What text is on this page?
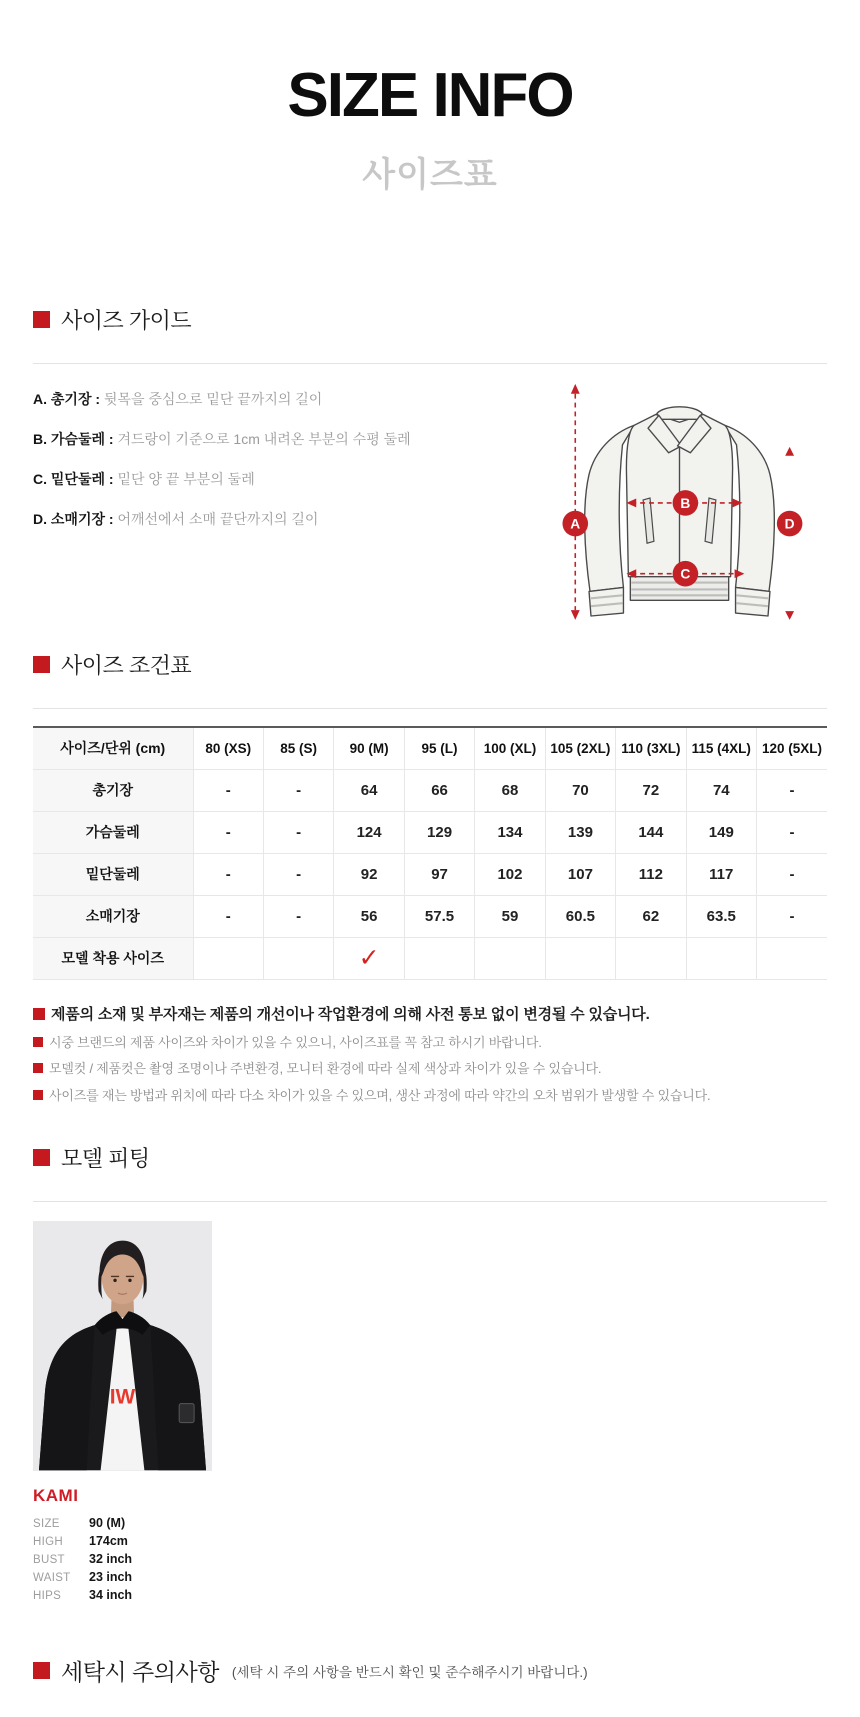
SIZE INFO
사이즈표
사이즈 가이드
A. 총기장 : 뒷목을 중심으로 밑단 끝까지의 길이
B. 가슴둘레 : 겨드랑이 기준으로 1cm 내려온 부분의 수평 둘레
C. 밑단둘레 : 밑단 양 끝 부분의 둘레
D. 소매기장 : 어깨선에서 소매 끝단까지의 길이	A
B
C
D
사이즈 조건표
사이즈/단위 (cm)	80 (XS)	85 (S)	90 (M)	95 (L)	100 (XL)	105 (2XL)	110 (3XL)	115 (4XL)	120 (5XL)
총기장	-	-	64	66	68	70	72	74	-
가슴둘레	-	-	124	129	134	139	144	149	-
밑단둘레	-	-	92	97	102	107	112	117	-
소매기장	-	-	56	57.5	59	60.5	62	63.5	-
모델 착용 사이즈			✓						
제품의 소재 및 부자재는 제품의 개선이나 작업환경에 의해 사전 통보 없이 변경될 수 있습니다.
시중 브랜드의 제품 사이즈와 차이가 있을 수 있으니, 사이즈표를 꼭 참고 하시기 바랍니다.
모델컷 / 제품컷은 촬영 조명이나 주변환경, 모니터 환경에 따라 실제 색상과 차이가 있을 수 있습니다.
사이즈를 재는 방법과 위치에 따라 다소 차이가 있을 수 있으며, 생산 과정에 따라 약간의 오차 범위가 발생할 수 있습니다.
모델 피팅
IW
KAMI
SIZE	90 (M)
HIGH	174cm
BUST	32 inch
WAIST	23 inch
HIPS	34 inch
세탁시 주의사항 (세탁 시 주의 사항을 반드시 확인 및 준수해주시기 바랍니다.)
